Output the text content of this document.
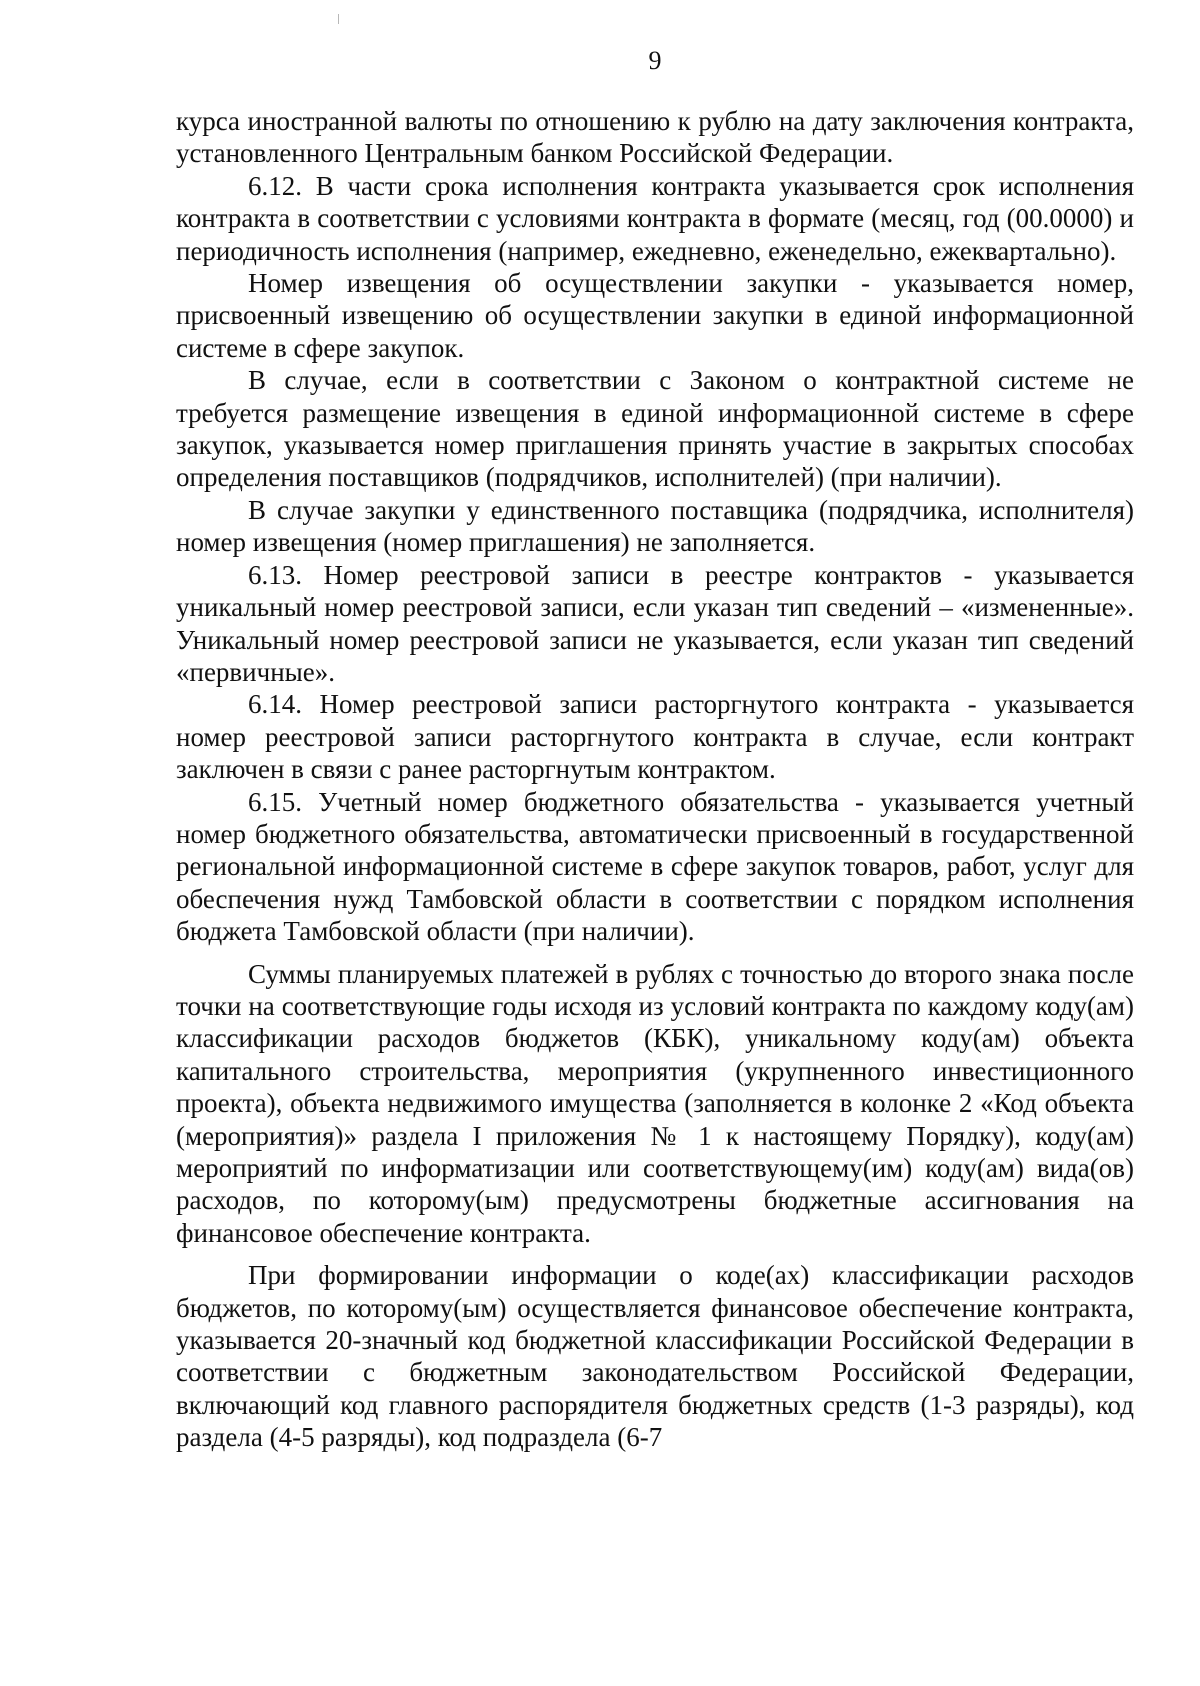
9

курса иностранной валюты по отношению к рублю на дату заключения контракта, установленного Центральным банком Российской Федерации.

6.12. В части срока исполнения контракта указывается срок исполнения контракта в соответствии с условиями контракта в формате (месяц, год (00.0000) и периодичность исполнения (например, ежедневно, еженедельно, ежеквартально).

Номер извещения об осуществлении закупки - указывается номер, присвоенный извещению об осуществлении закупки в единой информационной системе в сфере закупок.

В случае, если в соответствии с Законом о контрактной системе не требуется размещение извещения в единой информационной системе в сфере закупок, указывается номер приглашения принять участие в закрытых способах определения поставщиков (подрядчиков, исполнителей) (при наличии).

В случае закупки у единственного поставщика (подрядчика, исполнителя) номер извещения (номер приглашения) не заполняется.

6.13. Номер реестровой записи в реестре контрактов - указывается уникальный номер реестровой записи, если указан тип сведений – «измененные». Уникальный номер реестровой записи не указывается, если указан тип сведений «первичные».

6.14. Номер реестровой записи расторгнутого контракта - указывается номер реестровой записи расторгнутого контракта в случае, если контракт заключен в связи с ранее расторгнутым контрактом.

6.15. Учетный номер бюджетного обязательства - указывается учетный номер бюджетного обязательства, автоматически присвоенный в государственной региональной информационной системе в сфере закупок товаров, работ, услуг для обеспечения нужд Тамбовской области в соответствии с порядком исполнения бюджета Тамбовской области (при наличии).

Суммы планируемых платежей в рублях с точностью до второго знака после точки на соответствующие годы исходя из условий контракта по каждому коду(ам) классификации расходов бюджетов (КБК), уникальному коду(ам) объекта капитального строительства, мероприятия (укрупненного инвестиционного проекта), объекта недвижимого имущества (заполняется в колонке 2 «Код объекта (мероприятия)» раздела I приложения № 1 к настоящему Порядку), коду(ам) мероприятий по информатизации или соответствующему(им) коду(ам) вида(ов) расходов, по которому(ым) предусмотрены бюджетные ассигнования на финансовое обеспечение контракта.

При формировании информации о коде(ах) классификации расходов бюджетов, по которому(ым) осуществляется финансовое обеспечение контракта, указывается 20-значный код бюджетной классификации Российской Федерации в соответствии с бюджетным законодательством Российской Федерации, включающий код главного распорядителя бюджетных средств (1-3 разряды), код раздела (4-5 разряды), код подраздела (6-7
